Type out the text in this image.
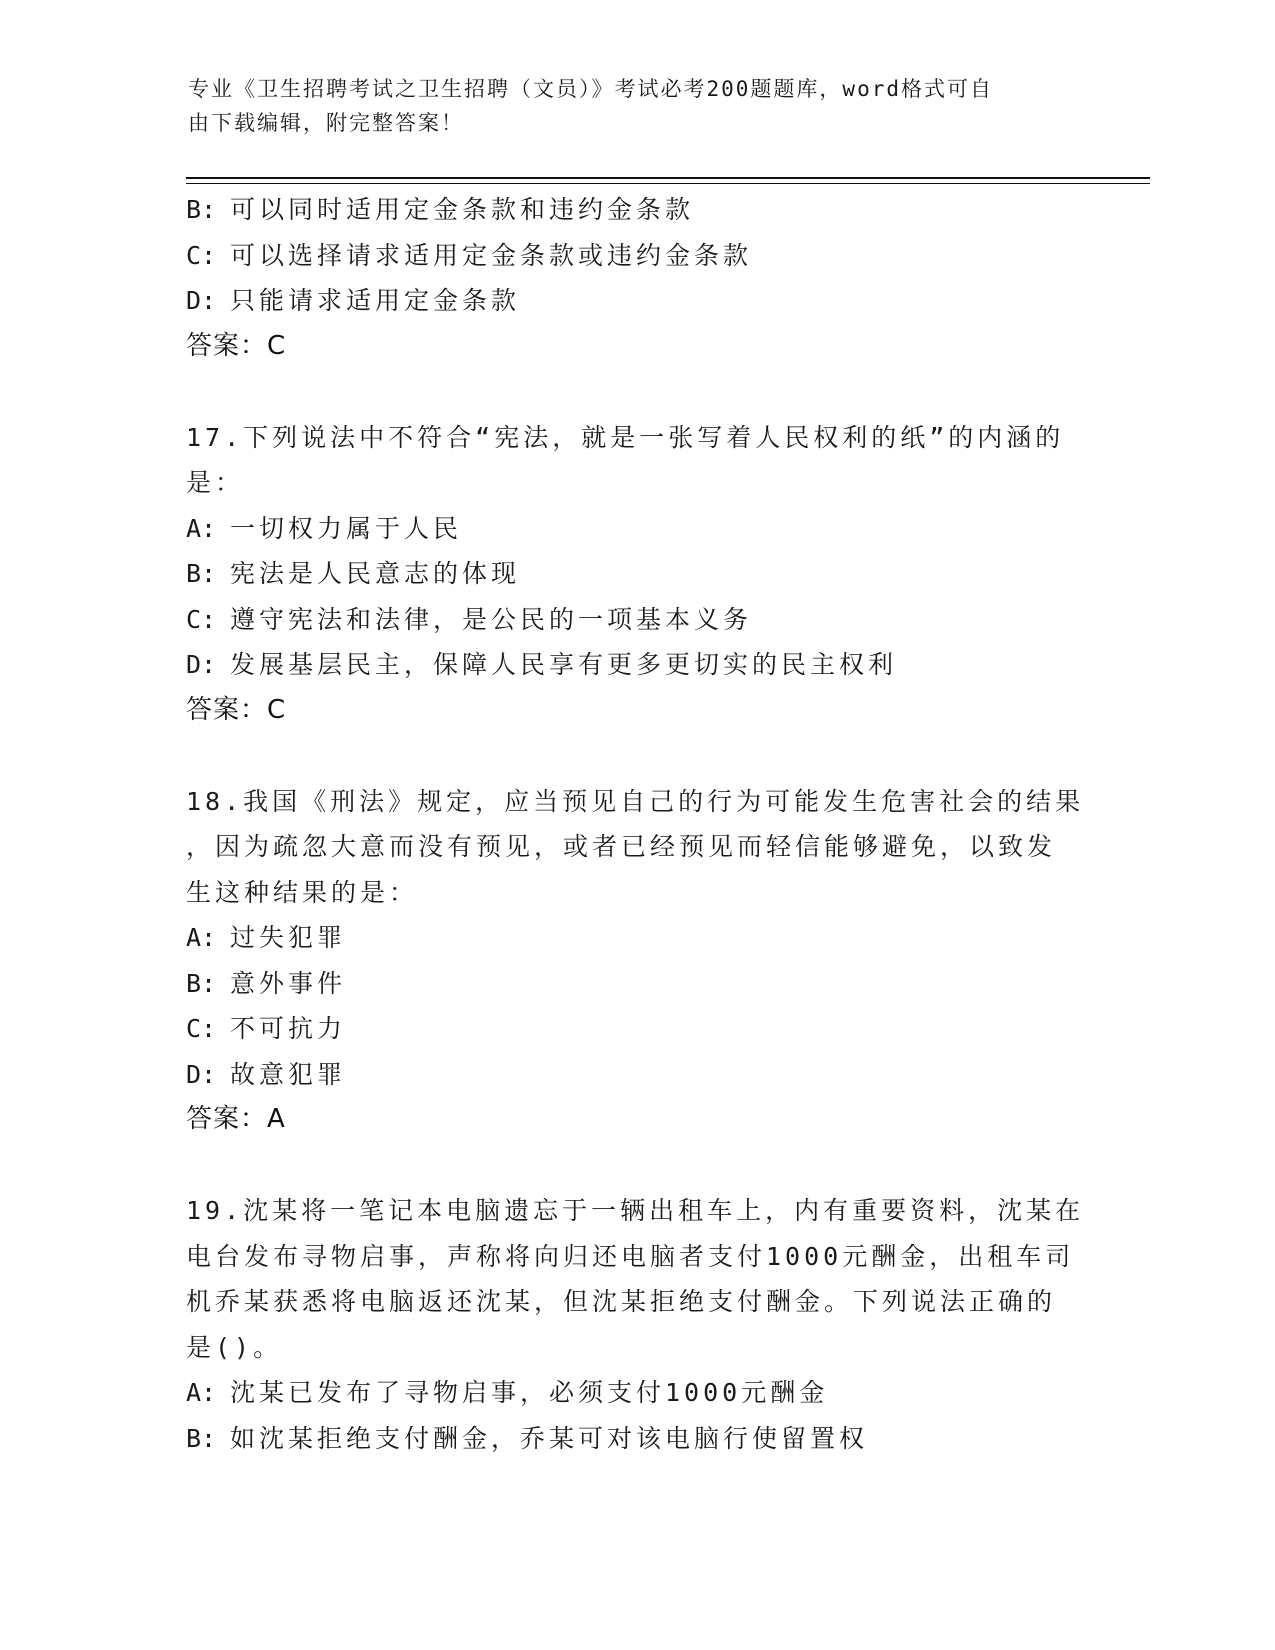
专业《卫生招聘考试之卫生招聘（文员）》考试必考200题题库，word格式可自
由下载编辑，附完整答案！
B: 可以同时适用定金条款和违约金条款
C: 可以选择请求适用定金条款或违约金条款
D: 只能请求适用定金条款
答案：C
17.下列说法中不符合“宪法，就是一张写着人民权利的纸”的内涵的
是：
A: 一切权力属于人民
B: 宪法是人民意志的体现
C: 遵守宪法和法律，是公民的一项基本义务
D: 发展基层民主，保障人民享有更多更切实的民主权利
答案：C
18.我国《刑法》规定，应当预见自己的行为可能发生危害社会的结果
，因为疏忽大意而没有预见，或者已经预见而轻信能够避免，以致发
生这种结果的是：
A: 过失犯罪
B: 意外事件
C: 不可抗力
D: 故意犯罪
答案：A
19.沈某将一笔记本电脑遗忘于一辆出租车上，内有重要资料，沈某在
电台发布寻物启事，声称将向归还电脑者支付1000元酬金，出租车司
机乔某获悉将电脑返还沈某，但沈某拒绝支付酬金。下列说法正确的
是()。
A: 沈某已发布了寻物启事，必须支付1000元酬金
B: 如沈某拒绝支付酬金，乔某可对该电脑行使留置权
